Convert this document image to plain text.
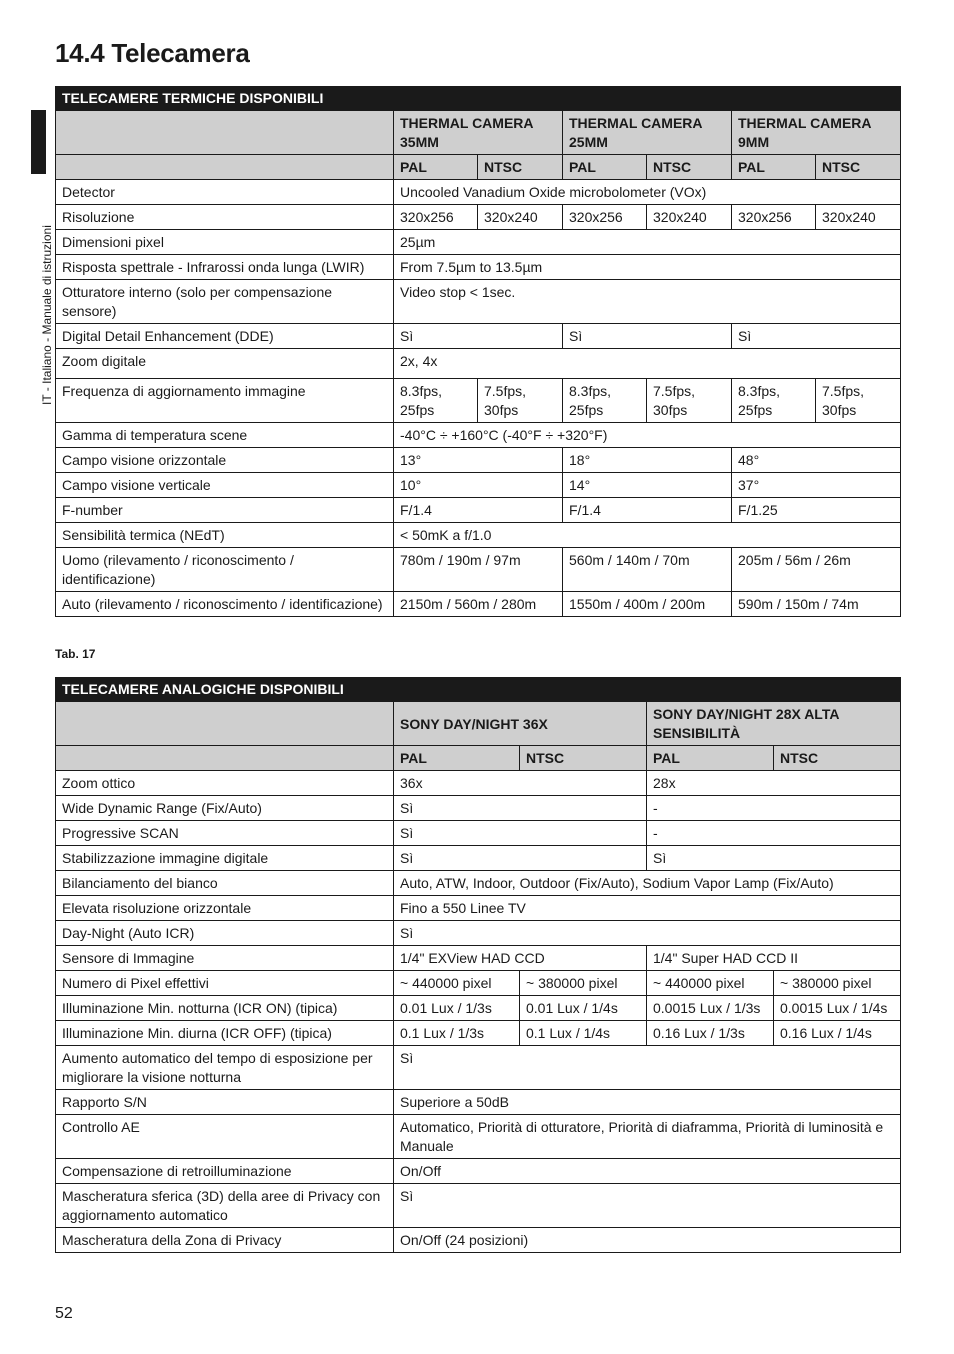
14.4 Telecamera
IT - Italiano - Manuale di istruzioni
TELECAMERE TERMICHE DISPONIBILI						
	THERMAL CAMERA 35MM		THERMAL CAMERA 25MM		THERMAL CAMERA 9MM	
	PAL	NTSC	PAL	NTSC	PAL	NTSC
Detector	Uncooled Vanadium Oxide microbolometer (VOx)					
Risoluzione	320x256	320x240	320x256	320x240	320x256	320x240
Dimensioni pixel	25µm					
Risposta spettrale - Infrarossi onda lunga (LWIR)	From 7.5µm to 13.5µm					
Otturatore interno (solo per compensazione sensore)	Video stop < 1sec.					
Digital Detail Enhancement (DDE)	Sì		Sì		Sì	
Zoom digitale	2x, 4x					
Frequenza di aggiornamento immagine	8.3fps, 25fps	7.5fps, 30fps	8.3fps, 25fps	7.5fps, 30fps	8.3fps, 25fps	7.5fps, 30fps
Gamma di temperatura scene	-40°C ÷ +160°C (-40°F ÷ +320°F)					
Campo visione orizzontale	13°		18°		48°	
Campo visione verticale	10°		14°		37°	
F-number	F/1.4		F/1.4		F/1.25	
Sensibilità termica (NEdT)	< 50mK a f/1.0					
Uomo (rilevamento / riconoscimento / identificazione)	780m / 190m / 97m		560m / 140m / 70m		205m / 56m / 26m	
Auto (rilevamento / riconoscimento / identificazione)	2150m / 560m / 280m		1550m / 400m / 200m		590m / 150m / 74m	
Tab. 17
TELECAMERE ANALOGICHE DISPONIBILI				
	SONY DAY/NIGHT 36X		SONY DAY/NIGHT 28X ALTA SENSIBILITÀ	
	PAL	NTSC	PAL	NTSC
Zoom ottico	36x		28x	
Wide Dynamic Range (Fix/Auto)	Sì		-	
Progressive SCAN	Sì		-	
Stabilizzazione immagine digitale	Sì		Sì	
Bilanciamento del bianco	Auto, ATW, Indoor, Outdoor (Fix/Auto), Sodium Vapor Lamp (Fix/Auto)			
Elevata risoluzione orizzontale	Fino a 550 Linee TV			
Day-Night (Auto ICR)	Sì			
Sensore di Immagine	1/4" EXView HAD CCD		1/4" Super HAD CCD II	
Numero di Pixel effettivi	~ 440000 pixel	~ 380000 pixel	~ 440000 pixel	~ 380000 pixel
Illuminazione Min. notturna (ICR ON) (tipica)	0.01 Lux / 1/3s	0.01 Lux / 1/4s	0.0015 Lux / 1/3s	0.0015 Lux / 1/4s
Illuminazione Min. diurna (ICR OFF) (tipica)	0.1 Lux / 1/3s	0.1 Lux / 1/4s	0.16 Lux / 1/3s	0.16 Lux / 1/4s
Aumento automatico del tempo di esposizione per migliorare la visione notturna	Sì			
Rapporto S/N	Superiore a 50dB			
Controllo AE	Automatico, Priorità di otturatore, Priorità di diaframma, Priorità di luminosità e Manuale			
Compensazione di retroilluminazione	On/Off			
Mascheratura sferica (3D) della aree di Privacy con aggiornamento automatico	Sì			
Mascheratura della Zona di Privacy	On/Off (24 posizioni)			
52
